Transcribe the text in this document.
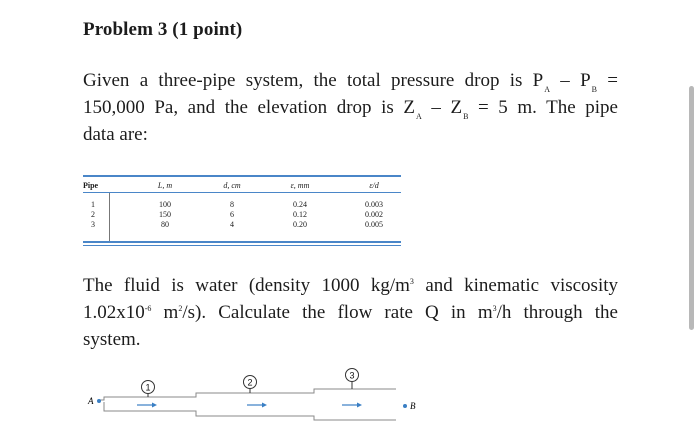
Problem 3 (1 point)
Given a three-pipe system, the total pressure drop is $P_A - P_B$ =
150,000 Pa, and the elevation drop is $Z_A - Z_B = 5$ m. The pipe
data are:
Pipe	L, m	d, cm	ε, mm	ε/d
1	100	8	0.24	0.003
2	150	6	0.12	0.002
3	80	4	0.20	0.005
The fluid is water (density 1000 $kg/m^3$ and kinematic viscosity
$1.02x10^{-6}$ $m^2/s$). Calculate the flow rate Q in $m^3/h$ through the
system.
A	B
1	2
3
